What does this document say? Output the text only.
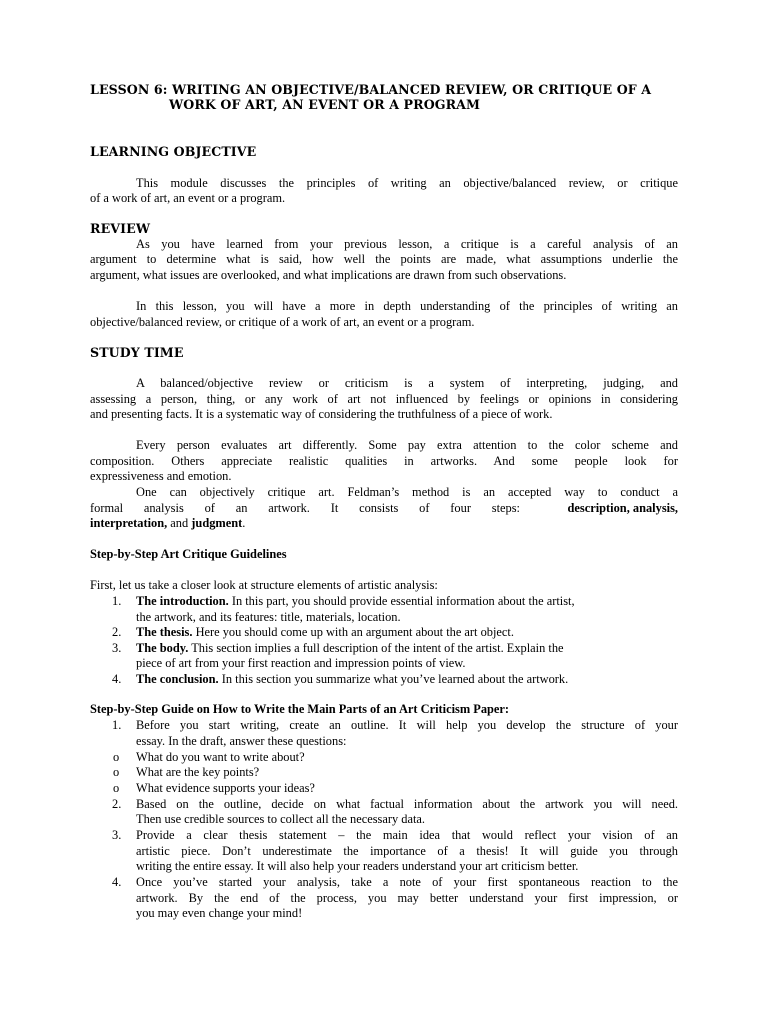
LESSON 6: WRITING AN OBJECTIVE/BALANCED REVIEW, OR CRITIQUE OF A
WORK OF ART, AN EVENT OR A PROGRAM
LEARNING OBJECTIVE
This module discusses the principles of writing an objective/balanced review, or critique
of a work of art, an event or a program.
REVIEW
As you have learned from your previous lesson, a critique is a careful analysis of an
argument to determine what is said, how well the points are made, what assumptions underlie the
argument, what issues are overlooked, and what implications are drawn from such observations.
In this lesson, you will have a more in depth understanding of the principles of writing an
objective/balanced review, or critique of a work of art, an event or a program.
STUDY TIME
A balanced/objective review or criticism is a system of interpreting, judging, and
assessing a person, thing, or any work of art not influenced by feelings or opinions in considering
and presenting facts. It is a systematic way of considering the truthfulness of a piece of work.
Every person evaluates art differently. Some pay extra attention to the color scheme and
composition. Others appreciate realistic qualities in artworks. And some people look for
expressiveness and emotion.
One can objectively critique art. Feldman’s method is an accepted way to conduct a
formal analysis of an artwork. It consists of four steps:	description, analysis,
interpretation, and judgment.
Step-by-Step Art Critique Guidelines
First, let us take a closer look at structure elements of artistic analysis:
1. The introduction. In this part, you should provide essential information about the artist,
the artwork, and its features: title, materials, location.
2. The thesis. Here you should come up with an argument about the art object.
3. The body. This section implies a full description of the intent of the artist. Explain the
piece of art from your first reaction and impression points of view.
4. The conclusion. In this section you summarize what you’ve learned about the artwork.
Step-by-Step Guide on How to Write the Main Parts of an Art Criticism Paper:
1. Before you start writing, create an outline. It will help you develop the structure of your
essay. In the draft, answer these questions:
o What do you want to write about?
o What are the key points?
o What evidence supports your ideas?
2. Based on the outline, decide on what factual information about the artwork you will need.
Then use credible sources to collect all the necessary data.
3. Provide a clear thesis statement – the main idea that would reflect your vision of an
artistic piece. Don’t underestimate the importance of a thesis! It will guide you through
writing the entire essay. It will also help your readers understand your art criticism better.
4. Once you’ve started your analysis, take a note of your first spontaneous reaction to the
artwork. By the end of the process, you may better understand your first impression, or
you may even change your mind!
